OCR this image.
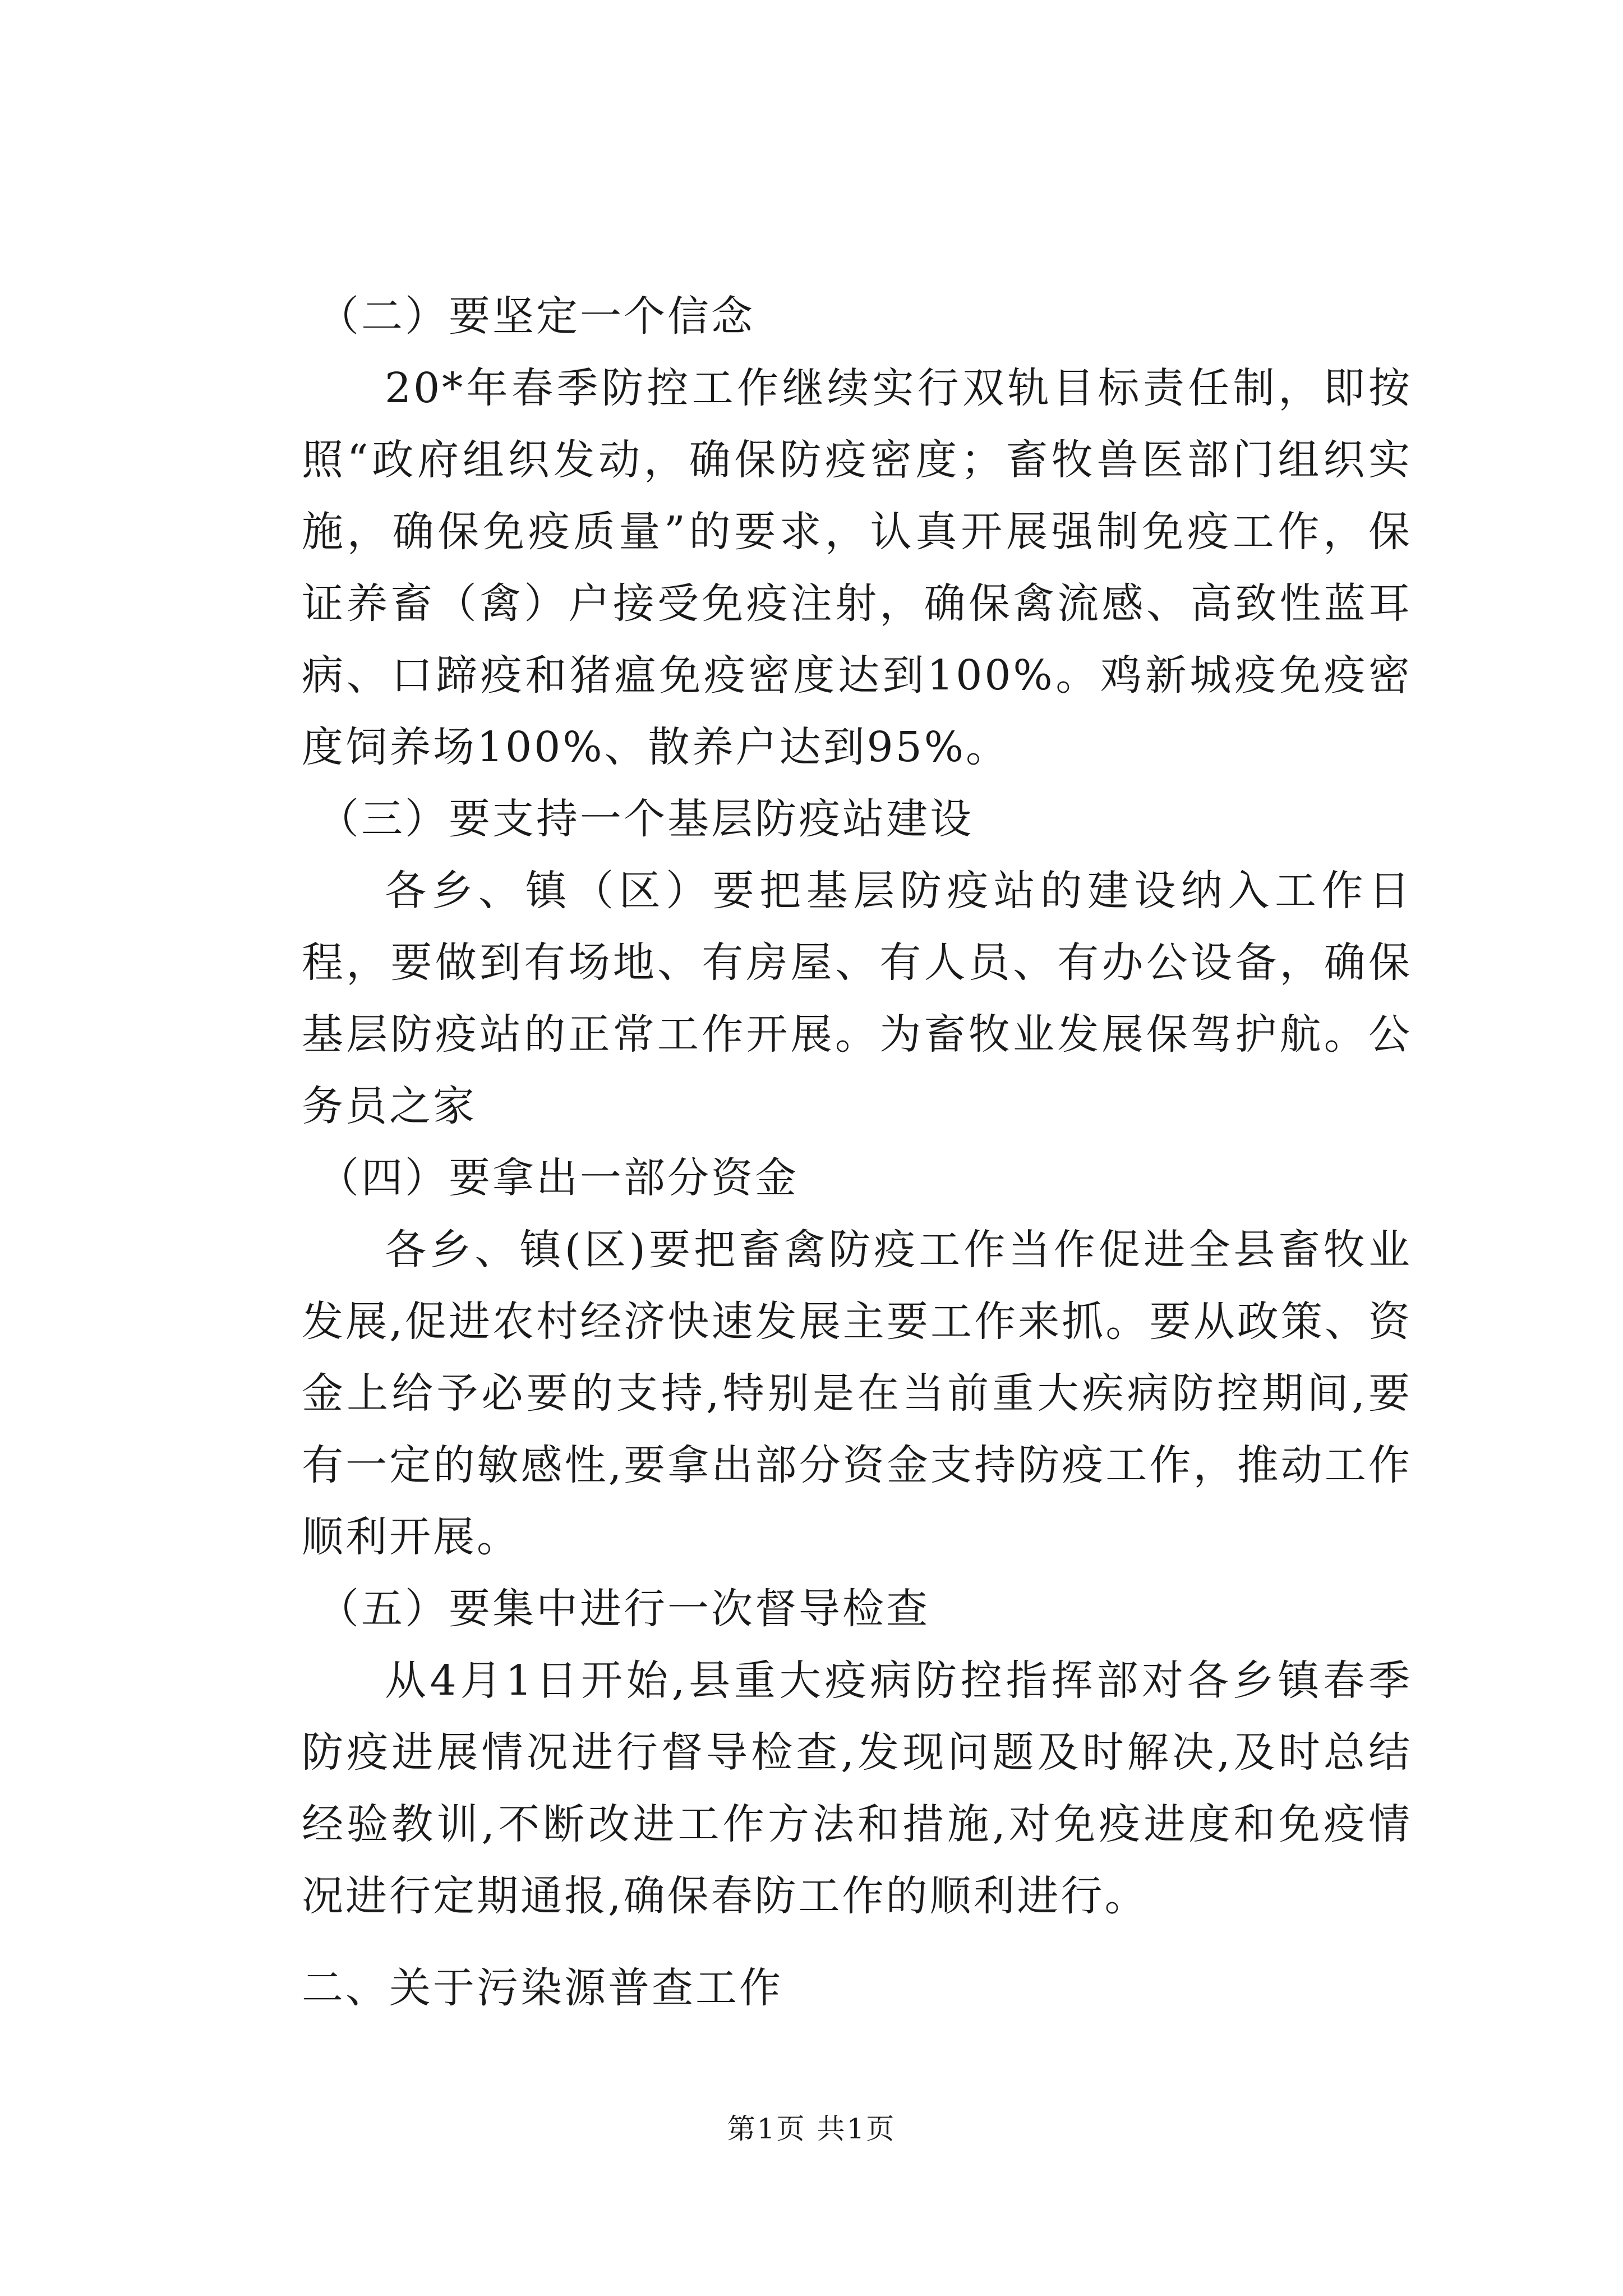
（二）要坚定一个信念

20*年春季防控工作继续实行双轨目标责任制，即按照“政府组织发动，确保防疫密度；畜牧兽医部门组织实施，确保免疫质量”的要求，认真开展强制免疫工作，保证养畜（禽）户接受免疫注射，确保禽流感、高致性蓝耳病、口蹄疫和猪瘟免疫密度达到100%。鸡新城疫免疫密度饲养场100%、散养户达到95%。

（三）要支持一个基层防疫站建设

各乡、镇（区）要把基层防疫站的建设纳入工作日程，要做到有场地、有房屋、有人员、有办公设备，确保基层防疫站的正常工作开展。为畜牧业发展保驾护航。公务员之家

（四）要拿出一部分资金

各乡、镇(区)要把畜禽防疫工作当作促进全县畜牧业发展,促进农村经济快速发展主要工作来抓。要从政策、资金上给予必要的支持,特别是在当前重大疾病防控期间,要有一定的敏感性,要拿出部分资金支持防疫工作，推动工作顺利开展。

（五）要集中进行一次督导检查

从4月1日开始,县重大疫病防控指挥部对各乡镇春季防疫进展情况进行督导检查,发现问题及时解决,及时总结经验教训,不断改进工作方法和措施,对免疫进度和免疫情况进行定期通报,确保春防工作的顺利进行。

二、关于污染源普查工作

第1页 共1页
